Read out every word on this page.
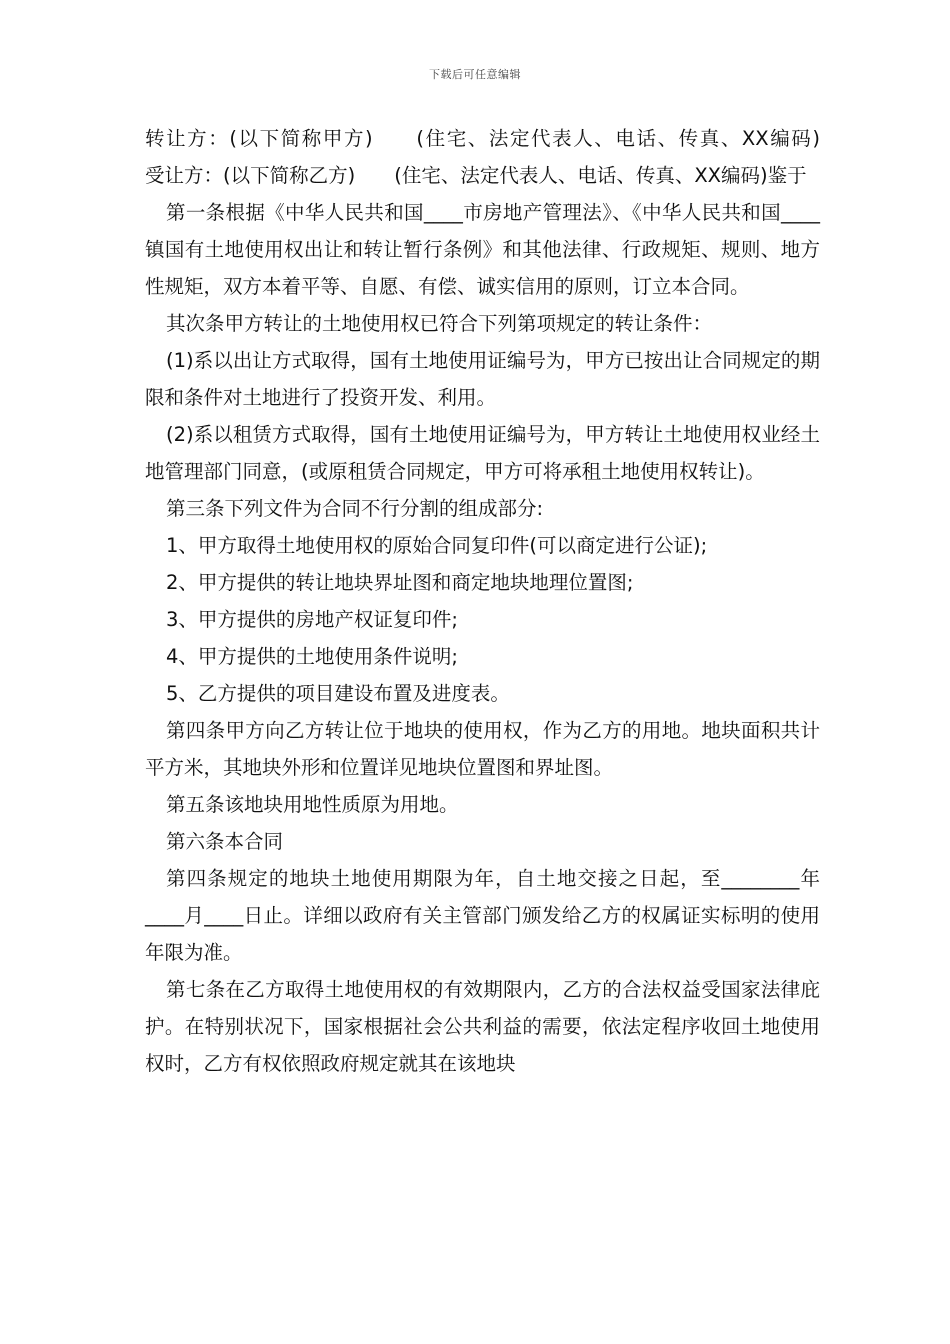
下载后可任意编辑

转让方：(以下简称甲方)　　(住宅、法定代表人、电话、传真、XX编码)　　受让方：(以下简称乙方)　　(住宅、法定代表人、电话、传真、XX编码)鉴于

第一条根据《中华人民共和国____市房地产管理法》、《中华人民共和国____镇国有土地使用权出让和转让暂行条例》和其他法律、行政规矩、规则、地方性规矩，双方本着平等、自愿、有偿、诚实信用的原则，订立本合同。

其次条甲方转让的土地使用权已符合下列第项规定的转让条件：

(1)系以出让方式取得，国有土地使用证编号为，甲方已按出让合同规定的期限和条件对土地进行了投资开发、利用。

(2)系以租赁方式取得，国有土地使用证编号为，甲方转让土地使用权业经土地管理部门同意，(或原租赁合同规定，甲方可将承租土地使用权转让)。

第三条下列文件为合同不行分割的组成部分:

1、甲方取得土地使用权的原始合同复印件(可以商定进行公证);

2、甲方提供的转让地块界址图和商定地块地理位置图;

3、甲方提供的房地产权证复印件;

4、甲方提供的土地使用条件说明;

5、乙方提供的项目建设布置及进度表。

第四条甲方向乙方转让位于地块的使用权，作为乙方的用地。地块面积共计平方米，其地块外形和位置详见地块位置图和界址图。

第五条该地块用地性质原为用地。

第六条本合同

第四条规定的地块土地使用期限为年，自土地交接之日起，至________年____月____日止。详细以政府有关主管部门颁发给乙方的权属证实标明的使用年限为准。

第七条在乙方取得土地使用权的有效期限内，乙方的合法权益受国家法律庇护。在特别状况下，国家根据社会公共利益的需要，依法定程序收回土地使用权时，乙方有权依照政府规定就其在该地块
